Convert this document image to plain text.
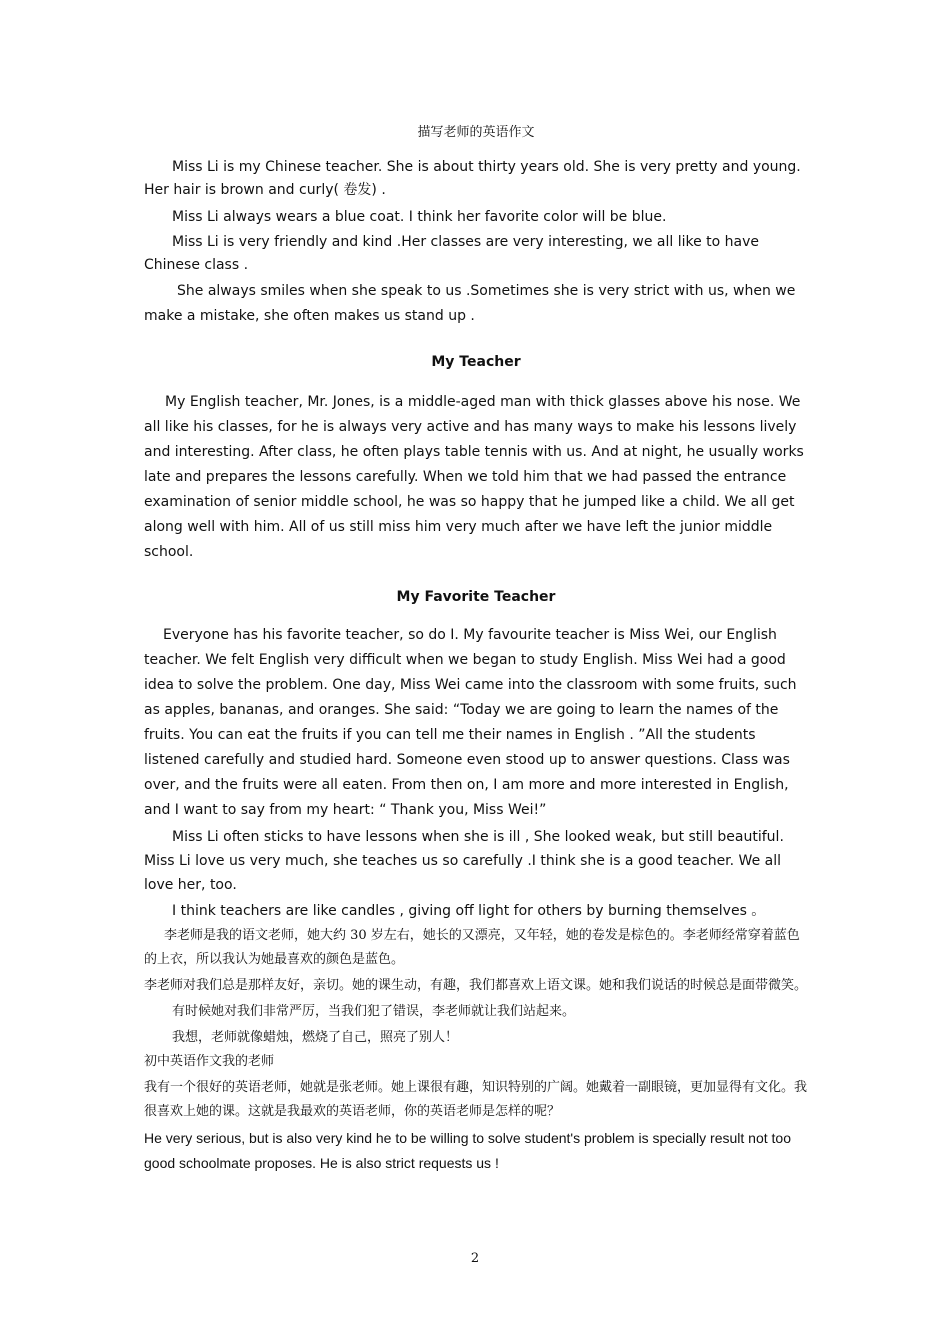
描写老师的英语作文

Miss Li is my Chinese teacher. She is about thirty years old. She is very pretty and young. Her hair is brown and curly( 卷发) .

Miss Li always wears a blue coat. I think her favorite color will be blue.

Miss Li is very friendly and kind .Her classes are very interesting, we all like to have Chinese class .

She always smiles when she speak to us .Sometimes she is very strict with us, when we make a mistake, she often makes us stand up .

My Teacher

My English teacher, Mr. Jones, is a middle-aged man with thick glasses above his nose. We all like his classes, for he is always very active and has many ways to make his lessons lively and interesting. After class, he often plays table tennis with us. And at night, he usually works late and prepares the lessons carefully. When we told him that we had passed the entrance examination of senior middle school, he was so happy that he jumped like a child. We all get along well with him. All of us still miss him very much after we have left the junior middle school.

My Favorite Teacher

Everyone has his favorite teacher, so do I. My favourite teacher is Miss Wei, our English teacher. We felt English very difficult when we began to study English. Miss Wei had a good idea to solve the problem. One day, Miss Wei came into the classroom with some fruits, such as apples, bananas, and oranges. She said: “Today we are going to learn the names of the fruits. You can eat the fruits if you can tell me their names in English . ”All the students listened carefully and studied hard. Someone even stood up to answer questions. Class was over, and the fruits were all eaten. From then on, I am more and more interested in English, and I want to say from my heart: “ Thank you, Miss Wei!”

Miss Li often sticks to have lessons when she is ill , She looked weak, but still beautiful. Miss Li love us very much, she teaches us so carefully .I think she is a good teacher. We all love her, too.

I think teachers are like candles , giving off light for others by burning themselves 。

李老师是我的语文老师，她大约 30 岁左右，她长的又漂亮，又年轻，她的卷发是棕色的。李老师经常穿着蓝色的上衣，所以我认为她最喜欢的颜色是蓝色。

李老师对我们总是那样友好，亲切。她的课生动，有趣，我们都喜欢上语文课。她和我们说话的时候总是面带微笑。

有时候她对我们非常严厉，当我们犯了错误，李老师就让我们站起来。

我想，老师就像蜡烛，燃烧了自己，照亮了别人！

初中英语作文我的老师

我有一个很好的英语老师，她就是张老师。她上课很有趣，知识特别的广阔。她戴着一副眼镜，更加显得有文化。我很喜欢上她的课。这就是我最欢的英语老师，你的英语老师是怎样的呢？

He very serious, but is also very kind he to be willing to solve student's problem is specially result not too good schoolmate proposes. He is also strict requests us !

2
